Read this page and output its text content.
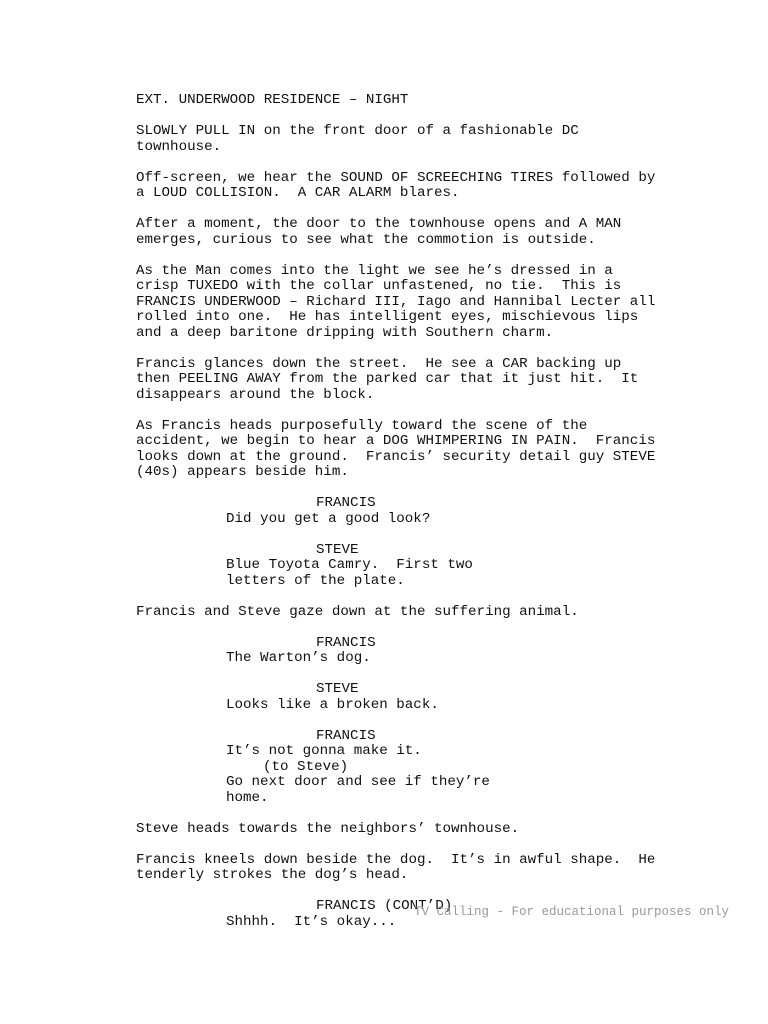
EXT. UNDERWOOD RESIDENCE – NIGHT
SLOWLY PULL IN on the front door of a fashionable DC
townhouse.
Off-screen, we hear the SOUND OF SCREECHING TIRES followed by
a LOUD COLLISION.  A CAR ALARM blares.
After a moment, the door to the townhouse opens and A MAN
emerges, curious to see what the commotion is outside.
As the Man comes into the light we see he’s dressed in a
crisp TUXEDO with the collar unfastened, no tie.  This is
FRANCIS UNDERWOOD – Richard III, Iago and Hannibal Lecter all
rolled into one.  He has intelligent eyes, mischievous lips
and a deep baritone dripping with Southern charm.
Francis glances down the street.  He see a CAR backing up
then PEELING AWAY from the parked car that it just hit.  It
disappears around the block.
As Francis heads purposefully toward the scene of the
accident, we begin to hear a DOG WHIMPERING IN PAIN.  Francis
looks down at the ground.  Francis’ security detail guy STEVE
(40s) appears beside him.
FRANCIS
Did you get a good look?
STEVE
Blue Toyota Camry.  First two
letters of the plate.
Francis and Steve gaze down at the suffering animal.
FRANCIS
The Warton’s dog.
STEVE
Looks like a broken back.
FRANCIS
It’s not gonna make it.
(to Steve)
Go next door and see if they’re
home.
Steve heads towards the neighbors’ townhouse.
Francis kneels down beside the dog.  It’s in awful shape.  He
tenderly strokes the dog’s head.
FRANCIS (CONT’D)
Shhhh.  It’s okay...
TV Calling - For educational purposes only
